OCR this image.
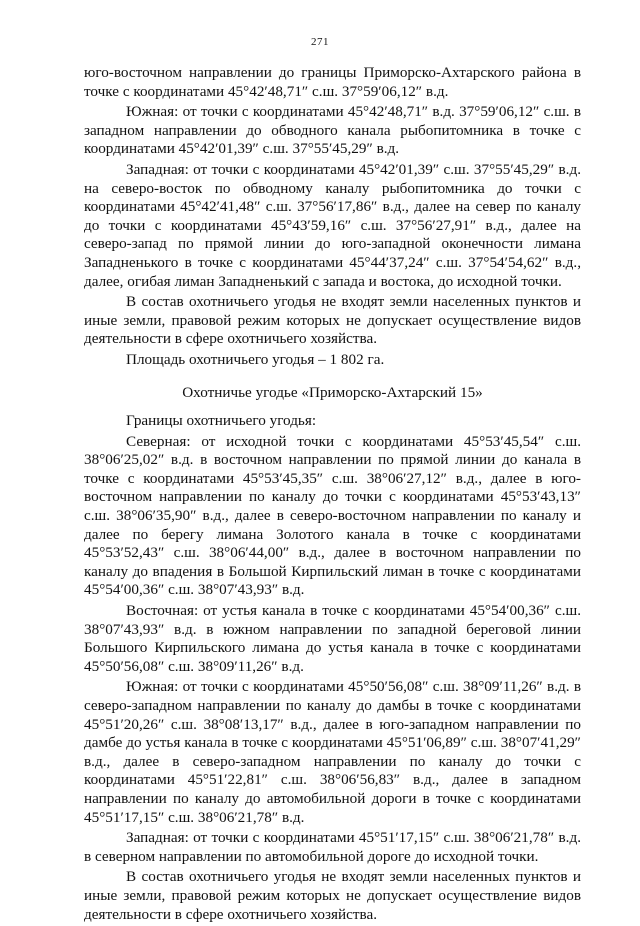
271

юго-восточном направлении до границы Приморско-Ахтарского района в точке с координатами 45°42′48,71″ с.ш. 37°59′06,12″ в.д.

Южная: от точки с координатами 45°42′48,71″ в.д. 37°59′06,12″ с.ш. в западном направлении до обводного канала рыбопитомника в точке с координатами 45°42′01,39″ с.ш. 37°55′45,29″ в.д.

Западная: от точки с координатами 45°42′01,39″ с.ш. 37°55′45,29″ в.д. на северо-восток по обводному каналу рыбопитомника до точки с координатами 45°42′41,48″ с.ш. 37°56′17,86″ в.д., далее на север по каналу до точки с координатами 45°43′59,16″ с.ш. 37°56′27,91″ в.д., далее на северо-запад по прямой линии до юго-западной оконечности лимана Западненького в точке с координатами 45°44′37,24″ с.ш. 37°54′54,62″ в.д., далее, огибая лиман Западненький с запада и востока, до исходной точки.

В состав охотничьего угодья не входят земли населенных пунктов и иные земли, правовой режим которых не допускает осуществление видов деятельности в сфере охотничьего хозяйства.

Площадь охотничьего угодья – 1 802 га.

Охотничье угодье «Приморско-Ахтарский 15»

Границы охотничьего угодья:

Северная: от исходной точки с координатами 45°53′45,54″ с.ш. 38°06′25,02″ в.д. в восточном направлении по прямой линии до канала в точке с координатами 45°53′45,35″ с.ш. 38°06′27,12″ в.д., далее в юго-восточном направлении по каналу до точки с координатами 45°53′43,13″ с.ш. 38°06′35,90″ в.д., далее в северо-восточном направлении по каналу и далее по берегу лимана Золотого канала в точке с координатами 45°53′52,43″ с.ш. 38°06′44,00″ в.д., далее в восточном направлении по каналу до впадения в Большой Кирпильский лиман в точке с координатами 45°54′00,36″ с.ш. 38°07′43,93″ в.д.

Восточная: от устья канала в точке с координатами 45°54′00,36″ с.ш. 38°07′43,93″ в.д. в южном направлении по западной береговой линии Большого Кирпильского лимана до устья канала в точке с координатами 45°50′56,08″ с.ш. 38°09′11,26″ в.д.

Южная: от точки с координатами 45°50′56,08″ с.ш. 38°09′11,26″ в.д. в северо-западном направлении по каналу до дамбы в точке с координатами 45°51′20,26″ с.ш. 38°08′13,17″ в.д., далее в юго-западном направлении по дамбе до устья канала в точке с координатами 45°51′06,89″ с.ш. 38°07′41,29″ в.д., далее в северо-западном направлении по каналу до точки с координатами 45°51′22,81″ с.ш. 38°06′56,83″ в.д., далее в западном направлении по каналу до автомобильной дороги в точке с координатами 45°51′17,15″ с.ш. 38°06′21,78″ в.д.

Западная: от точки с координатами 45°51′17,15″ с.ш. 38°06′21,78″ в.д. в северном направлении по автомобильной дороге до исходной точки.

В состав охотничьего угодья не входят земли населенных пунктов и иные земли, правовой режим которых не допускает осуществление видов деятельности в сфере охотничьего хозяйства.
